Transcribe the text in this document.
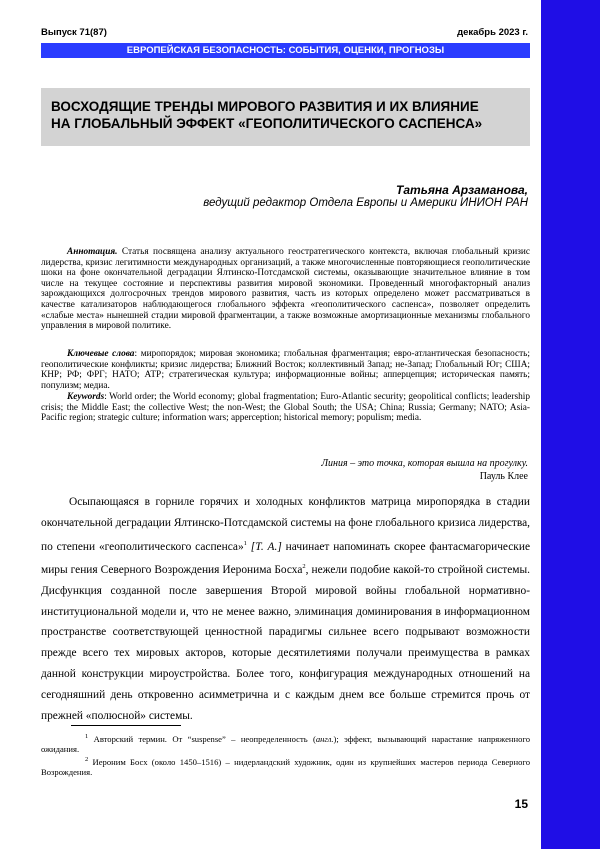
Выпуск 71(87)	декабрь 2023 г.
ЕВРОПЕЙСКАЯ БЕЗОПАСНОСТЬ: СОБЫТИЯ, ОЦЕНКИ, ПРОГНОЗЫ
ВОСХОДЯЩИЕ ТРЕНДЫ МИРОВОГО РАЗВИТИЯ И ИХ ВЛИЯНИЕ
НА ГЛОБАЛЬНЫЙ ЭФФЕКТ «ГЕОПОЛИТИЧЕСКОГО САСПЕНСА»
Татьяна Арзаманова,
ведущий редактор Отдела Европы и Америки ИНИОН РАН
Аннотация. Статья посвящена анализу актуального геостратегического контекста, включая глобальный кризис лидерства, кризис легитимности международных организаций, а также многочисленные повторяющиеся геополитические шоки на фоне окончательной деградации Ялтинско-Потсдамской системы, оказывающие значительное влияние в том числе на текущее состояние и перспективы развития мировой экономики. Проведенный многофакторный анализ зарождающихся долгосрочных трендов мирового развития, часть из которых определено может рассматриваться в качестве катализаторов наблюдающегося глобального эффекта «геополитического саспенса», позволяет определить «слабые места» нынешней стадии мировой фрагментации, а также возможные амортизационные механизмы глобального управления в мировой политике.
Ключевые слова: миропорядок; мировая экономика; глобальная фрагментация; евро-атлантическая безопасность; геополитические конфликты; кризис лидерства; Ближний Восток; коллективный Запад; не-Запад; Глобальный Юг; США; КНР; РФ; ФРГ; НАТО; АТР; стратегическая культура; информационные войны; апперцепция; историческая память; популизм; медиа.
Keywords: World order; the World economy; global fragmentation; Euro-Atlantic security; geopolitical conflicts; leadership crisis; the Middle East; the collective West; the non-West; the Global South; the USA; China; Russia; Germany; NATO; Asia-Pacific region; strategic culture; information wars; apperception; historical memory; populism; media.
Линия – это точка, которая вышла на прогулку.
Пауль Клее
Осыпающаяся в горниле горячих и холодных конфликтов матрица миропорядка в стадии окончательной деградации Ялтинско-Потсдамской системы на фоне глобального кризиса лидерства, по степени «геополитического саспенса»$^1$ [Т. А.] начинает напоминать скорее фантасмагорические миры гения Северного Возрождения Иеронима Босха$^2$, нежели подобие какой-то стройной системы. Дисфункция созданной после завершения Второй мировой войны глобальной нормативно-институциональной модели и, что не менее важно, элиминация доминирования в информационном пространстве соответствующей ценностной парадигмы сильнее всего подрывают возможности прежде всего тех мировых акторов, которые десятилетиями получали преимущества в рамках данной конструкции мироустройства. Более того, конфигурация международных отношений на сегодняшний день откровенно асимметрична и с каждым днем все больше стремится прочь от прежней «полюсной» системы.
$^1$ Авторский термин. От “suspense” – неопределенность (англ.); эффект, вызывающий нарастание напряженного ожидания.
$^2$ Иероним Босх (около 1450–1516) – нидерландский художник, один из крупнейших мастеров периода Северного Возрождения.
15
